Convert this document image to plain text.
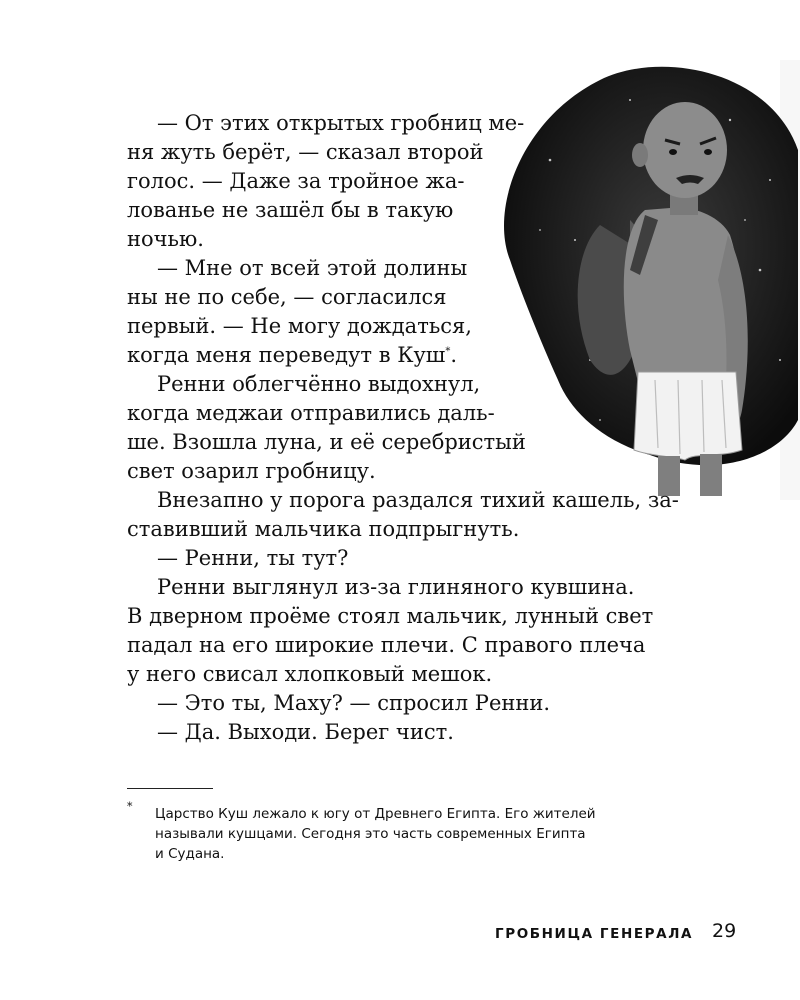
— От этих открытых гробниц ме-
ня жуть берёт, — сказал второй
голос. — Даже за тройное жа-
лованье не зашёл бы в такую
ночью.
— Мне от всей этой долины
ны не по себе, — согласился
первый. — Не могу дождаться,
когда меня переведут в Куш*.
Ренни облегчённо выдохнул,
когда меджаи отправились даль-
ше. Взошла луна, и её серебристый
свет озарил гробницу.
Внезапно у порога раздался тихий кашель, за-
ставивший мальчика подпрыгнуть.
— Ренни, ты тут?
Ренни выглянул из-за глиняного кувшина.
В дверном проёме стоял мальчик, лунный свет
падал на его широкие плечи. С правого плеча
у него свисал хлопковый мешок.
— Это ты, Маху? — спросил Ренни.
— Да. Выходи. Берег чист.
* Царство Куш лежало к югу от Древнего Египта. Его жителей
называли кушцами. Сегодня это часть современных Египта
и Судана.
ГРОБНИЦА ГЕНЕРАЛА 29
